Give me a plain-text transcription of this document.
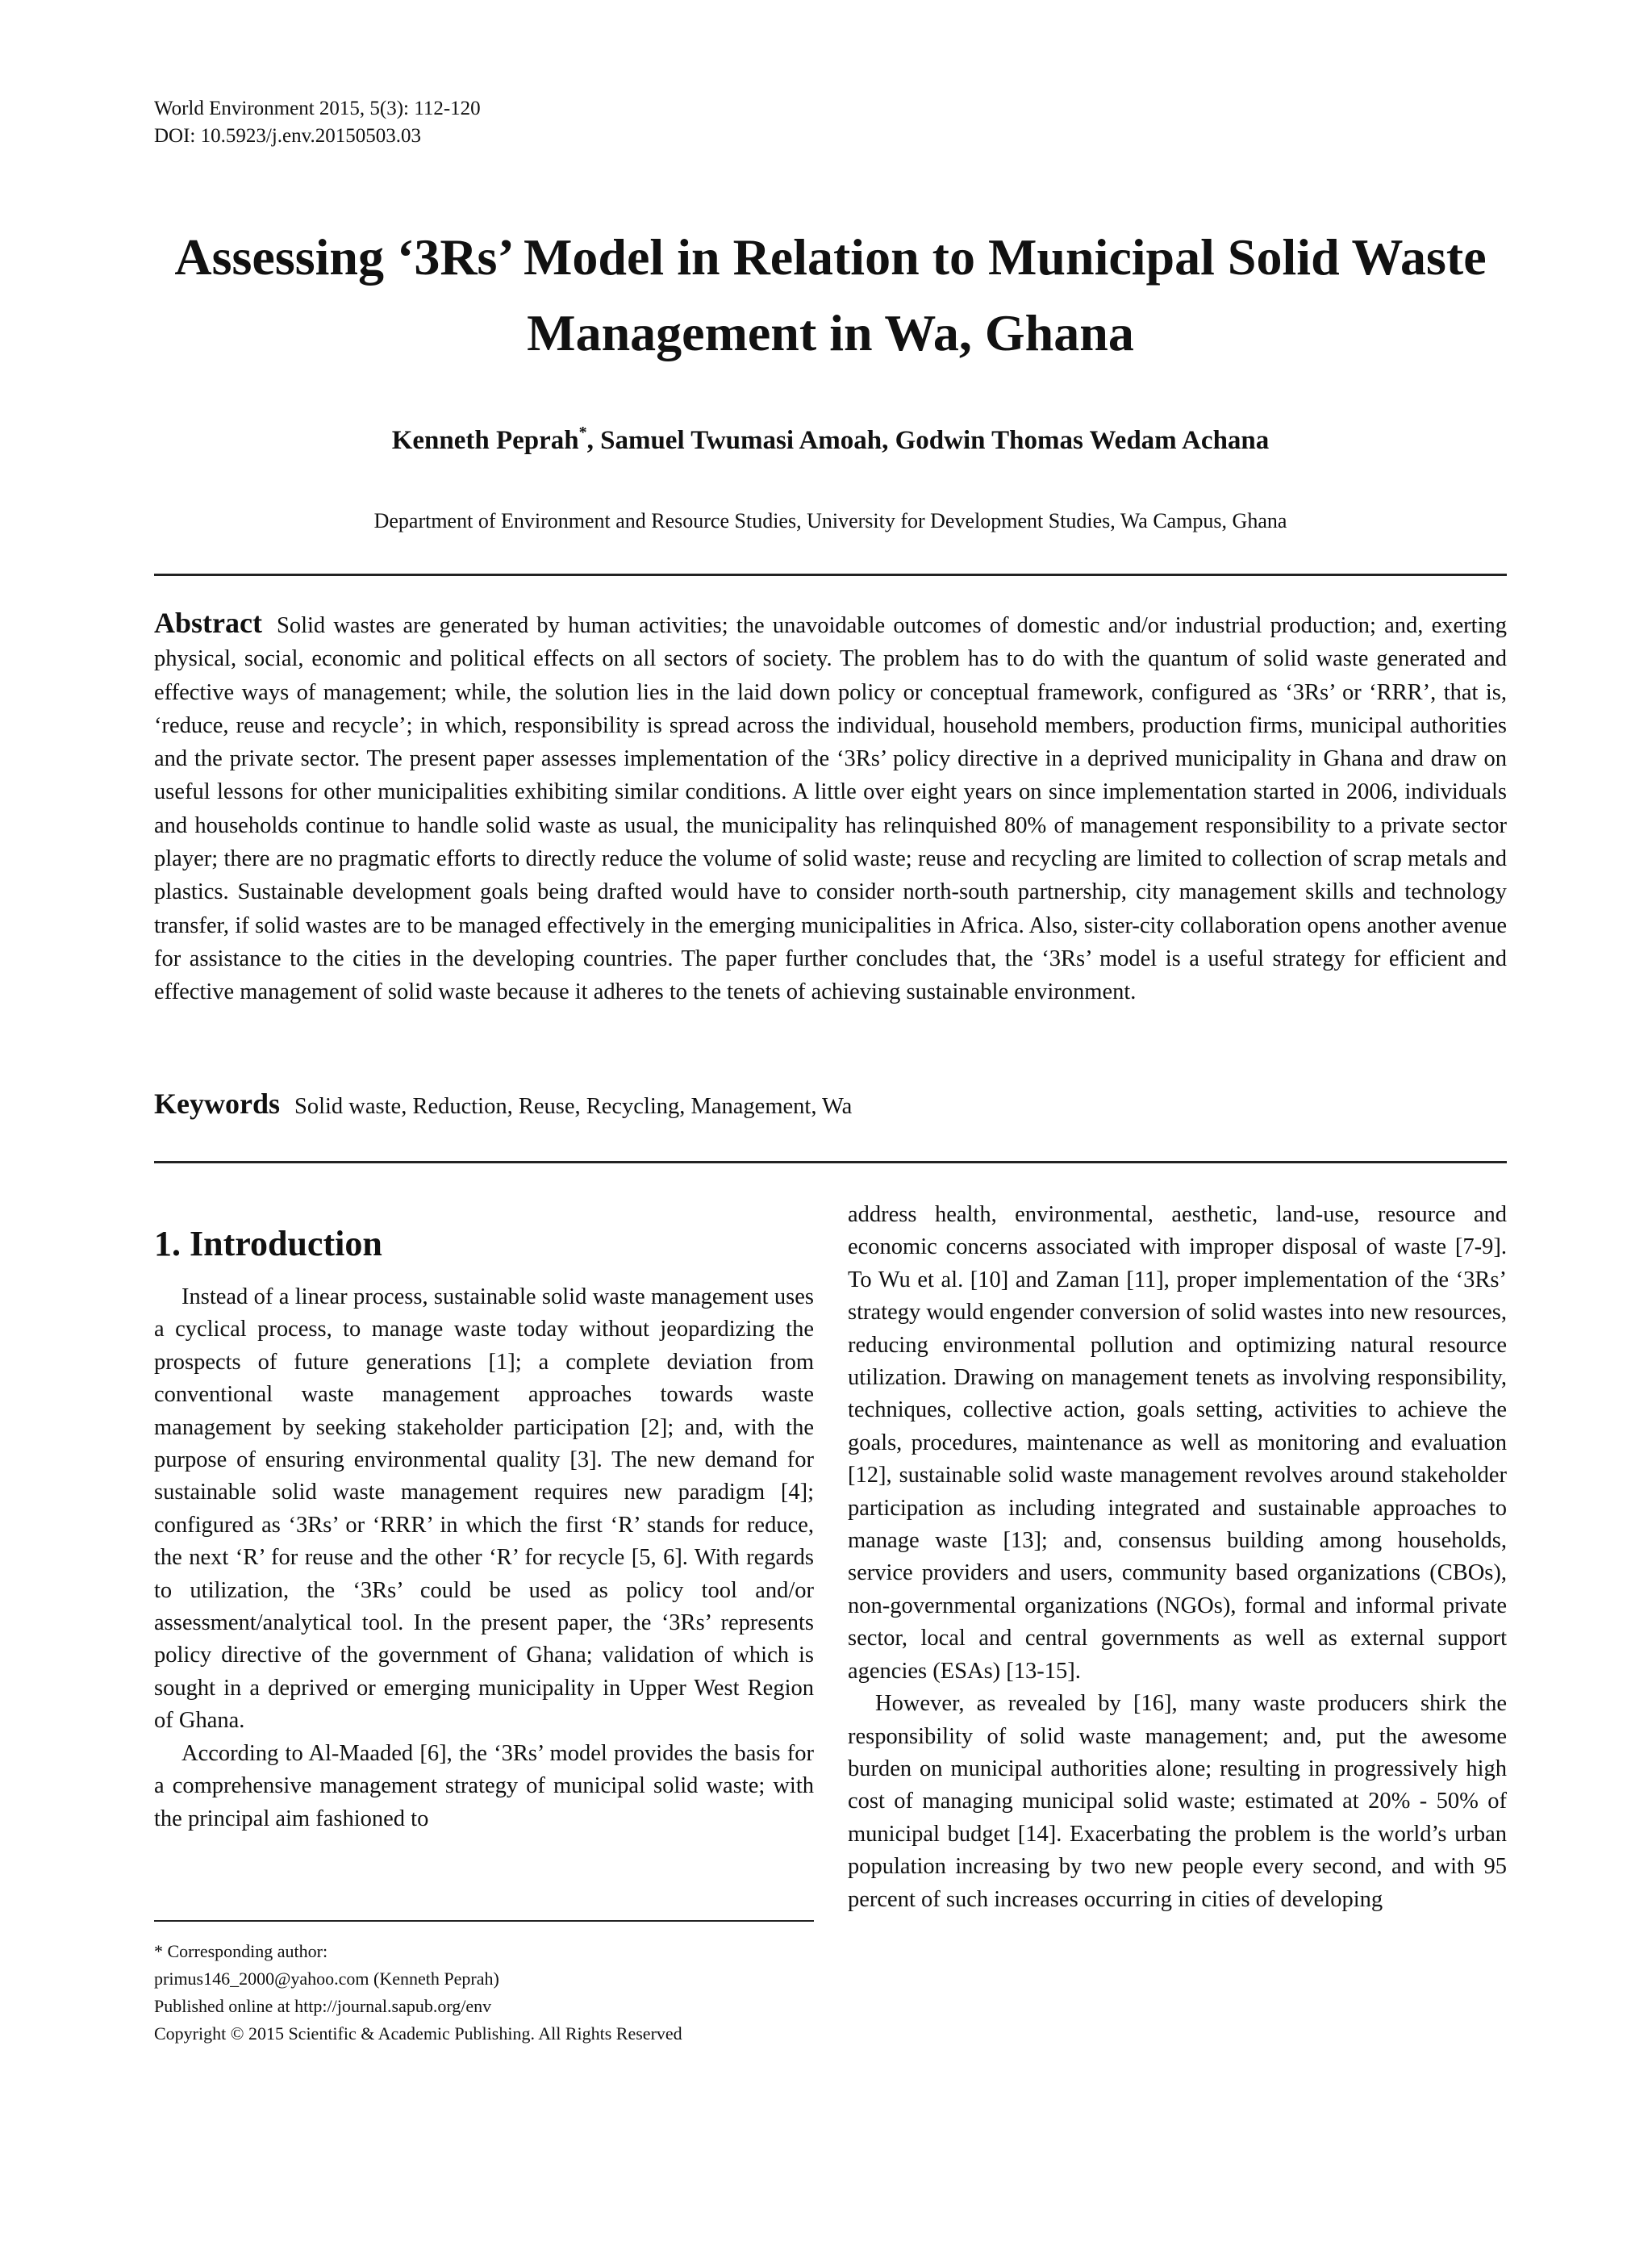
World Environment 2015, 5(3): 112-120
DOI: 10.5923/j.env.20150503.03
Assessing ‘3Rs’ Model in Relation to Municipal Solid Waste Management in Wa, Ghana
Kenneth Peprah*, Samuel Twumasi Amoah, Godwin Thomas Wedam Achana
Department of Environment and Resource Studies, University for Development Studies, Wa Campus, Ghana
Abstract Solid wastes are generated by human activities; the unavoidable outcomes of domestic and/or industrial production; and, exerting physical, social, economic and political effects on all sectors of society. The problem has to do with the quantum of solid waste generated and effective ways of management; while, the solution lies in the laid down policy or conceptual framework, configured as ‘3Rs’ or ‘RRR’, that is, ‘reduce, reuse and recycle’; in which, responsibility is spread across the individual, household members, production firms, municipal authorities and the private sector. The present paper assesses implementation of the ‘3Rs’ policy directive in a deprived municipality in Ghana and draw on useful lessons for other municipalities exhibiting similar conditions. A little over eight years on since implementation started in 2006, individuals and households continue to handle solid waste as usual, the municipality has relinquished 80% of management responsibility to a private sector player; there are no pragmatic efforts to directly reduce the volume of solid waste; reuse and recycling are limited to collection of scrap metals and plastics. Sustainable development goals being drafted would have to consider north-south partnership, city management skills and technology transfer, if solid wastes are to be managed effectively in the emerging municipalities in Africa. Also, sister-city collaboration opens another avenue for assistance to the cities in the developing countries. The paper further concludes that, the ‘3Rs’ model is a useful strategy for efficient and effective management of solid waste because it adheres to the tenets of achieving sustainable environment.
Keywords Solid waste, Reduction, Reuse, Recycling, Management, Wa
1. Introduction

Instead of a linear process, sustainable solid waste management uses a cyclical process, to manage waste today without jeopardizing the prospects of future generations [1]; a complete deviation from conventional waste management approaches towards waste management by seeking stakeholder participation [2]; and, with the purpose of ensuring environmental quality [3]. The new demand for sustainable solid waste management requires new paradigm [4]; configured as ‘3Rs’ or ‘RRR’ in which the first ‘R’ stands for reduce, the next ‘R’ for reuse and the other ‘R’ for recycle [5, 6]. With regards to utilization, the ‘3Rs’ could be used as policy tool and/or assessment/analytical tool. In the present paper, the ‘3Rs’ represents policy directive of the government of Ghana; validation of which is sought in a deprived or emerging municipality in Upper West Region of Ghana.

According to Al-Maaded [6], the ‘3Rs’ model provides the basis for a comprehensive management strategy of municipal solid waste; with the principal aim fashioned to

address health, environmental, aesthetic, land-use, resource and economic concerns associated with improper disposal of waste [7-9]. To Wu et al. [10] and Zaman [11], proper implementation of the ‘3Rs’ strategy would engender conversion of solid wastes into new resources, reducing environmental pollution and optimizing natural resource utilization. Drawing on management tenets as involving responsibility, techniques, collective action, goals setting, activities to achieve the goals, procedures, maintenance as well as monitoring and evaluation [12], sustainable solid waste management revolves around stakeholder participation as including integrated and sustainable approaches to manage waste [13]; and, consensus building among households, service providers and users, community based organizations (CBOs), non-governmental organizations (NGOs), formal and informal private sector, local and central governments as well as external support agencies (ESAs) [13-15].

However, as revealed by [16], many waste producers shirk the responsibility of solid waste management; and, put the awesome burden on municipal authorities alone; resulting in progressively high cost of managing municipal solid waste; estimated at 20% - 50% of municipal budget [14]. Exacerbating the problem is the world’s urban population increasing by two new people every second, and with 95 percent of such increases occurring in cities of developing

* Corresponding author:
primus146_2000@yahoo.com (Kenneth Peprah)
Published online at http://journal.sapub.org/env
Copyright © 2015 Scientific & Academic Publishing. All Rights Reserved
